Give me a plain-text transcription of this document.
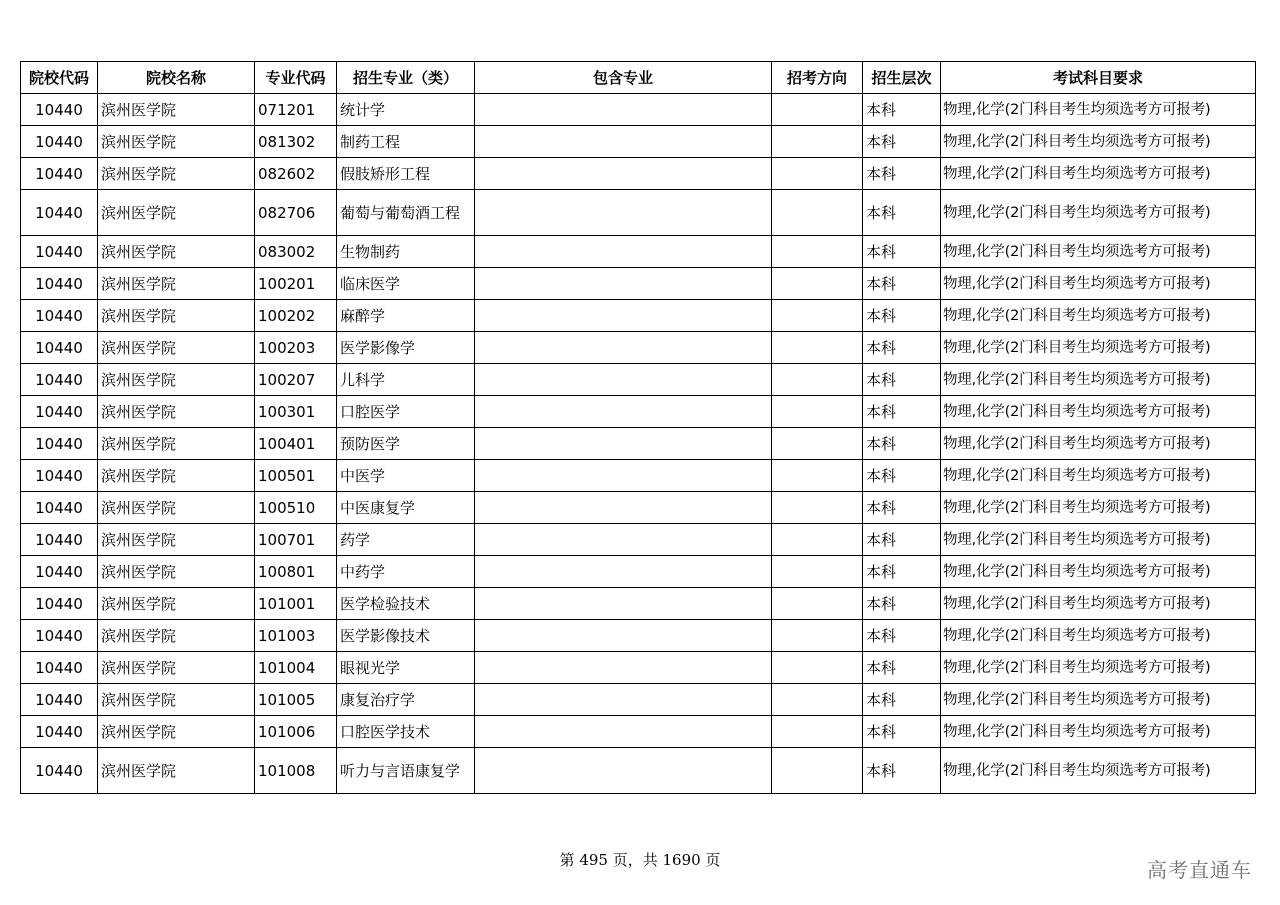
院校代码	院校名称	专业代码	招生专业（类）	包含专业	招考方向	招生层次	考试科目要求
10440	滨州医学院	071201	统计学			本科	物理,化学(2门科目考生均须选考方可报考)
10440	滨州医学院	081302	制药工程			本科	物理,化学(2门科目考生均须选考方可报考)
10440	滨州医学院	082602	假肢矫形工程			本科	物理,化学(2门科目考生均须选考方可报考)
10440	滨州医学院	082706	葡萄与葡萄酒工程			本科	物理,化学(2门科目考生均须选考方可报考)
10440	滨州医学院	083002	生物制药			本科	物理,化学(2门科目考生均须选考方可报考)
10440	滨州医学院	100201	临床医学			本科	物理,化学(2门科目考生均须选考方可报考)
10440	滨州医学院	100202	麻醉学			本科	物理,化学(2门科目考生均须选考方可报考)
10440	滨州医学院	100203	医学影像学			本科	物理,化学(2门科目考生均须选考方可报考)
10440	滨州医学院	100207	儿科学			本科	物理,化学(2门科目考生均须选考方可报考)
10440	滨州医学院	100301	口腔医学			本科	物理,化学(2门科目考生均须选考方可报考)
10440	滨州医学院	100401	预防医学			本科	物理,化学(2门科目考生均须选考方可报考)
10440	滨州医学院	100501	中医学			本科	物理,化学(2门科目考生均须选考方可报考)
10440	滨州医学院	100510	中医康复学			本科	物理,化学(2门科目考生均须选考方可报考)
10440	滨州医学院	100701	药学			本科	物理,化学(2门科目考生均须选考方可报考)
10440	滨州医学院	100801	中药学			本科	物理,化学(2门科目考生均须选考方可报考)
10440	滨州医学院	101001	医学检验技术			本科	物理,化学(2门科目考生均须选考方可报考)
10440	滨州医学院	101003	医学影像技术			本科	物理,化学(2门科目考生均须选考方可报考)
10440	滨州医学院	101004	眼视光学			本科	物理,化学(2门科目考生均须选考方可报考)
10440	滨州医学院	101005	康复治疗学			本科	物理,化学(2门科目考生均须选考方可报考)
10440	滨州医学院	101006	口腔医学技术			本科	物理,化学(2门科目考生均须选考方可报考)
10440	滨州医学院	101008	听力与言语康复学			本科	物理,化学(2门科目考生均须选考方可报考)
第 495 页，共 1690 页	高考直通车
